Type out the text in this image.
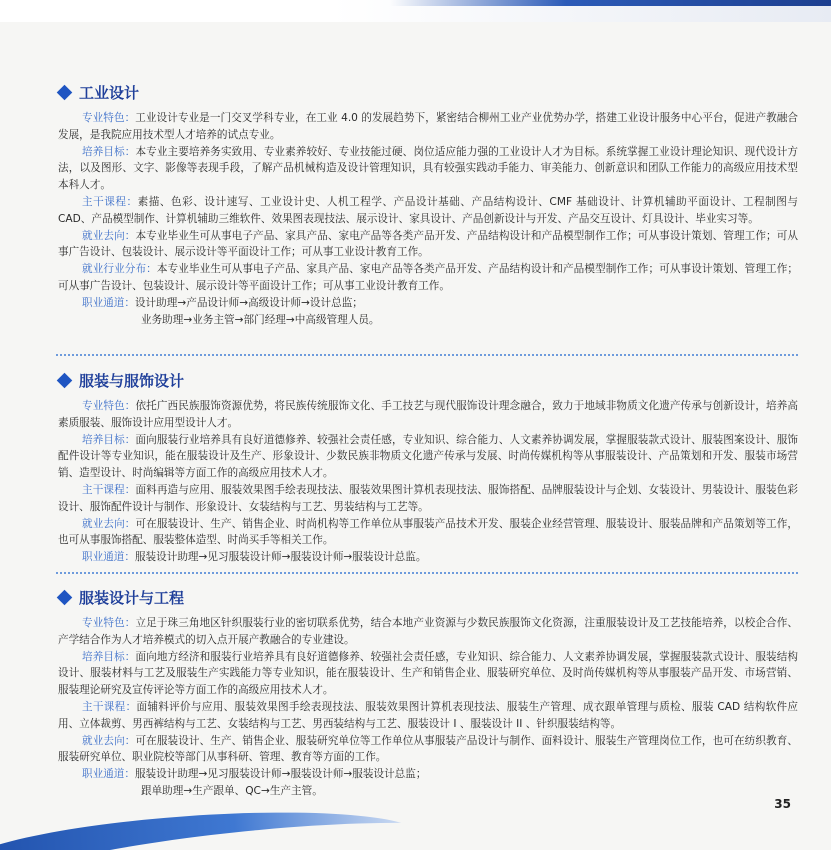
工业设计

专业特色：工业设计专业是一门交叉学科专业，在工业 4.0 的发展趋势下，紧密结合柳州工业产业优势办学，搭建工业设计服务中心平台，促进产教融合发展，是我院应用技术型人才培养的试点专业。

培养目标：本专业主要培养务实致用、专业素养较好、专业技能过硬、岗位适应能力强的工业设计人才为目标。系统掌握工业设计理论知识、现代设计方法，以及图形、文字、影像等表现手段，了解产品机械构造及设计管理知识，具有较强实践动手能力、审美能力、创新意识和团队工作能力的高级应用技术型本科人才。

主干课程：素描、色彩、设计速写、工业设计史、人机工程学、产品设计基础、产品结构设计、CMF 基础设计、计算机辅助平面设计、工程制图与 CAD、产品模型制作、计算机辅助三维软件、效果图表现技法、展示设计、家具设计、产品创新设计与开发、产品交互设计、灯具设计、毕业实习等。

就业去向：本专业毕业生可从事电子产品、家具产品、家电产品等各类产品开发、产品结构设计和产品模型制作工作；可从事设计策划、管理工作；可从事广告设计、包装设计、展示设计等平面设计工作；可从事工业设计教育工作。

就业行业分布：本专业毕业生可从事电子产品、家具产品、家电产品等各类产品开发、产品结构设计和产品模型制作工作；可从事设计策划、管理工作；可从事广告设计、包装设计、展示设计等平面设计工作；可从事工业设计教育工作。

职业通道：设计助理→产品设计师→高级设计师→设计总监；

业务助理→业务主管→部门经理→中高级管理人员。

服装与服饰设计

专业特色：依托广西民族服饰资源优势，将民族传统服饰文化、手工技艺与现代服饰设计理念融合，致力于地域非物质文化遗产传承与创新设计，培养高素质服装、服饰设计应用型设计人才。

培养目标：面向服装行业培养具有良好道德修养、较强社会责任感，专业知识、综合能力、人文素养协调发展，掌握服装款式设计、服装图案设计、服饰配件设计等专业知识，能在服装设计及生产、形象设计、少数民族非物质文化遗产传承与发展、时尚传媒机构等从事服装设计、产品策划和开发、服装市场营销、造型设计、时尚编辑等方面工作的高级应用技术人才。

主干课程：面料再造与应用、服装效果图手绘表现技法、服装效果图计算机表现技法、服饰搭配、品牌服装设计与企划、女装设计、男装设计、服装色彩设计、服饰配件设计与制作、形象设计、女装结构与工艺、男装结构与工艺等。

就业去向：可在服装设计、生产、销售企业、时尚机构等工作单位从事服装产品技术开发、服装企业经营管理、服装设计、服装品牌和产品策划等工作，也可从事服饰搭配、服装整体造型、时尚买手等相关工作。

职业通道：服装设计助理→见习服装设计师→服装设计师→服装设计总监。

服装设计与工程

专业特色：立足于珠三角地区针织服装行业的密切联系优势，结合本地产业资源与少数民族服饰文化资源，注重服装设计及工艺技能培养，以校企合作、产学结合作为人才培养模式的切入点开展产教融合的专业建设。

培养目标：面向地方经济和服装行业培养具有良好道德修养、较强社会责任感，专业知识、综合能力、人文素养协调发展，掌握服装款式设计、服装结构设计、服装材料与工艺及服装生产实践能力等专业知识，能在服装设计、生产和销售企业、服装研究单位、及时尚传媒机构等从事服装产品开发、市场营销、服装理论研究及宣传评论等方面工作的高级应用技术人才。

主干课程：面辅料评价与应用、服装效果图手绘表现技法、服装效果图计算机表现技法、服装生产管理、成衣跟单管理与质检、服装 CAD 结构软件应用、立体裁剪、男西裤结构与工艺、女装结构与工艺、男西装结构与工艺、服装设计 I 、服装设计 II 、针织服装结构等。

就业去向：可在服装设计、生产、销售企业、服装研究单位等工作单位从事服装产品设计与制作、面料设计、服装生产管理岗位工作，也可在纺织教育、服装研究单位、职业院校等部门从事科研、管理、教育等方面的工作。

职业通道：服装设计助理→见习服装设计师→服装设计师→服装设计总监；

跟单助理→生产跟单、QC→生产主管。

35
